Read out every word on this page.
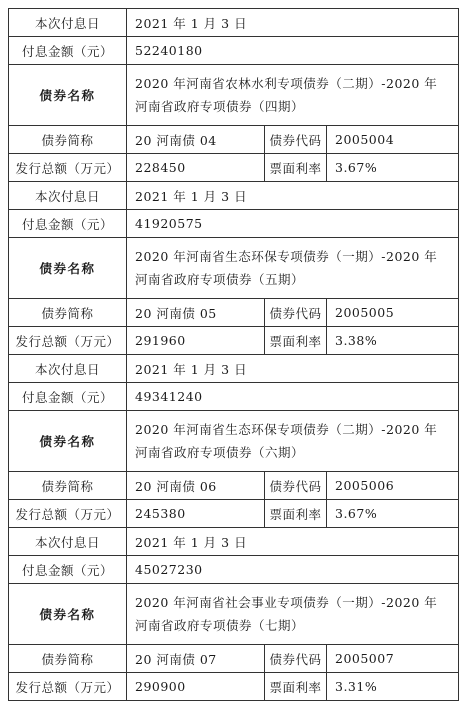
本次付息日	2021 年 1 月 3 日		
付息金额（元）	52240180		
债券名称	2020 年河南省农林水利专项债券（二期）-2020 年河南省政府专项债券（四期）		
债券简称	20 河南债 04	债券代码	2005004
发行总额（万元）	228450	票面利率	3.67%
本次付息日	2021 年 1 月 3 日		
付息金额（元）	41920575		
债券名称	2020 年河南省生态环保专项债券（一期）-2020 年河南省政府专项债券（五期）		
债券简称	20 河南债 05	债券代码	2005005
发行总额（万元）	291960	票面利率	3.38%
本次付息日	2021 年 1 月 3 日		
付息金额（元）	49341240		
债券名称	2020 年河南省生态环保专项债券（二期）-2020 年河南省政府专项债券（六期）		
债券简称	20 河南债 06	债券代码	2005006
发行总额（万元）	245380	票面利率	3.67%
本次付息日	2021 年 1 月 3 日		
付息金额（元）	45027230		
债券名称	2020 年河南省社会事业专项债券（一期）-2020 年河南省政府专项债券（七期）		
债券简称	20 河南债 07	债券代码	2005007
发行总额（万元）	290900	票面利率	3.31%
